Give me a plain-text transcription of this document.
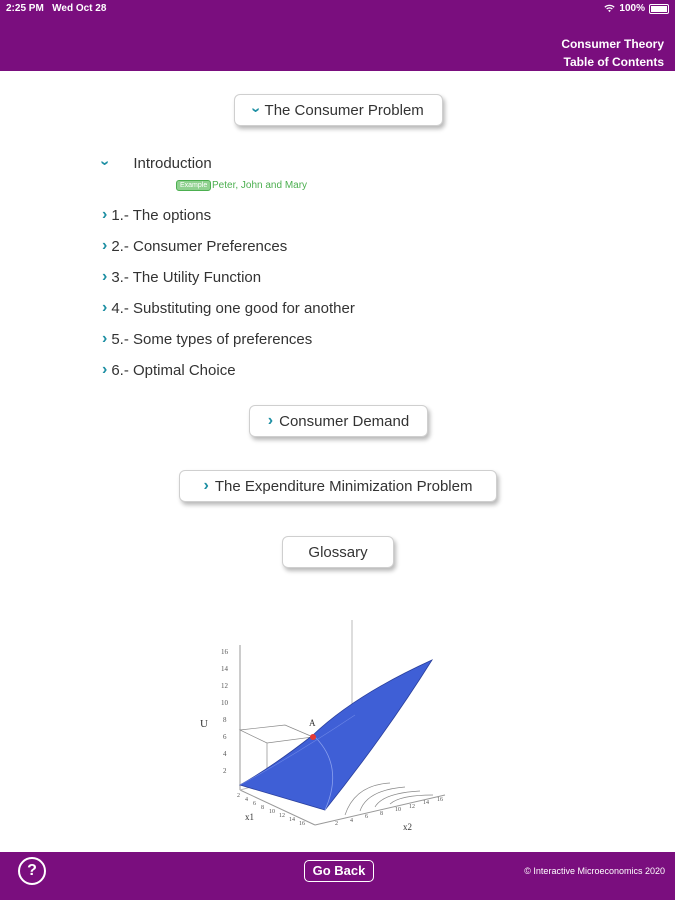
2:25 PM Wed Oct 28	100%
Consumer Theory
Table of Contents
› The Consumer Problem
› Introduction
Example Peter, John and Mary
› 1.- The options
› 2.- Consumer Preferences
› 3.- The Utility Function
› 4.- Substituting one good for another
› 5.- Some types of preferences
› 6.- Optimal Choice
› Consumer Demand
› The Expenditure Minimization Problem
Glossary
A
U
x1
x2
2
4
6
8
10
12
14
16
2
4
6
8
10
12
14
16	2 4
6 8
10 12
14 16
?	Go Back	© Interactive Microeconomics 2020
